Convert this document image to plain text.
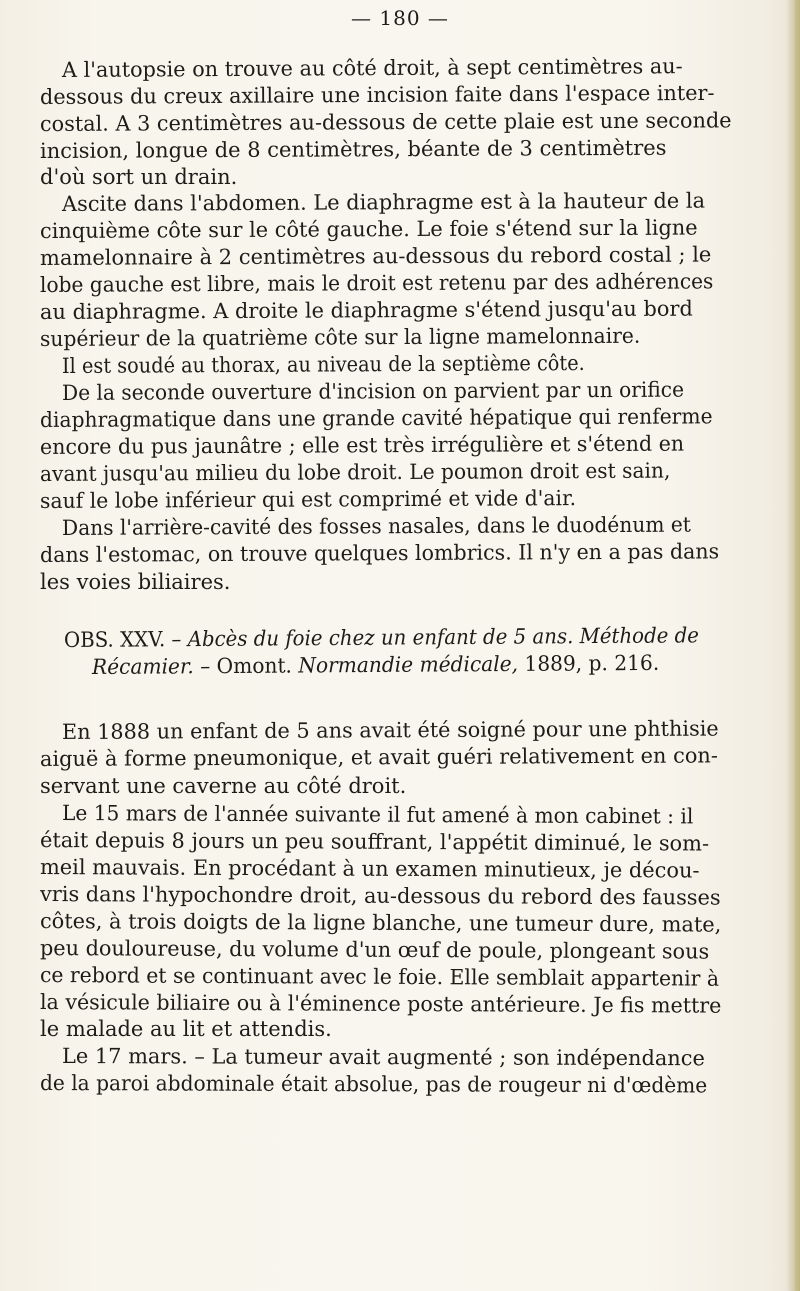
— 180 —
A l'autopsie on trouve au côté droit, à sept centimètres au-
dessous du creux axillaire une incision faite dans l'espace inter-
costal. A 3 centimètres au-dessous de cette plaie est une seconde
incision, longue de 8 centimètres, béante de 3 centimètres
d'où sort un drain.
Ascite dans l'abdomen. Le diaphragme est à la hauteur de la
cinquième côte sur le côté gauche. Le foie s'étend sur la ligne
mamelonnaire à 2 centimètres au-dessous du rebord costal ; le
lobe gauche est libre, mais le droit est retenu par des adhérences
au diaphragme. A droite le diaphragme s'étend jusqu'au bord
supérieur de la quatrième côte sur la ligne mamelonnaire.
Il est soudé au thorax, au niveau de la septième côte.
De la seconde ouverture d'incision on parvient par un orifice
diaphragmatique dans une grande cavité hépatique qui renferme
encore du pus jaunâtre ; elle est très irrégulière et s'étend en
avant jusqu'au milieu du lobe droit. Le poumon droit est sain,
sauf le lobe inférieur qui est comprimé et vide d'air.
Dans l'arrière-cavité des fosses nasales, dans le duodénum et
dans l'estomac, on trouve quelques lombrics. Il n'y en a pas dans
les voies biliaires.
OBS. XXV. – Abcès du foie chez un enfant de 5 ans. Méthode de
Récamier. – Omont. Normandie médicale, 1889, p. 216.
En 1888 un enfant de 5 ans avait été soigné pour une phthisie
aiguë à forme pneumonique, et avait guéri relativement en con-
servant une caverne au côté droit.
Le 15 mars de l'année suivante il fut amené à mon cabinet : il
était depuis 8 jours un peu souffrant, l'appétit diminué, le som-
meil mauvais. En procédant à un examen minutieux, je décou-
vris dans l'hypochondre droit, au-dessous du rebord des fausses
côtes, à trois doigts de la ligne blanche, une tumeur dure, mate,
peu douloureuse, du volume d'un œuf de poule, plongeant sous
ce rebord et se continuant avec le foie. Elle semblait appartenir à
la vésicule biliaire ou à l'éminence poste antérieure. Je fis mettre
le malade au lit et attendis.
Le 17 mars. – La tumeur avait augmenté ; son indépendance
de la paroi abdominale était absolue, pas de rougeur ni d'œdème
